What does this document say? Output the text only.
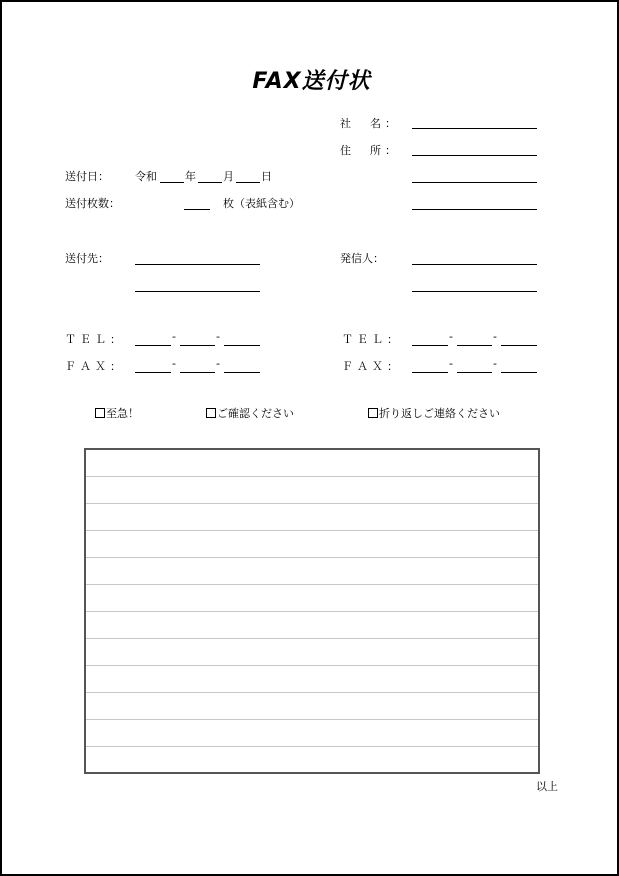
FAX送付状
社　名：
住　所：
送付日： 令和	年 月 日
送付枚数：	枚（表紙含む）
送付先：	発信人：
ＴＥＬ：	-	-
ＦＡＸ：	-	-
ＴＥＬ：	-	-
ＦＡＸ：	-	-
至急！	ご確認ください	折り返しご連絡ください
以上
